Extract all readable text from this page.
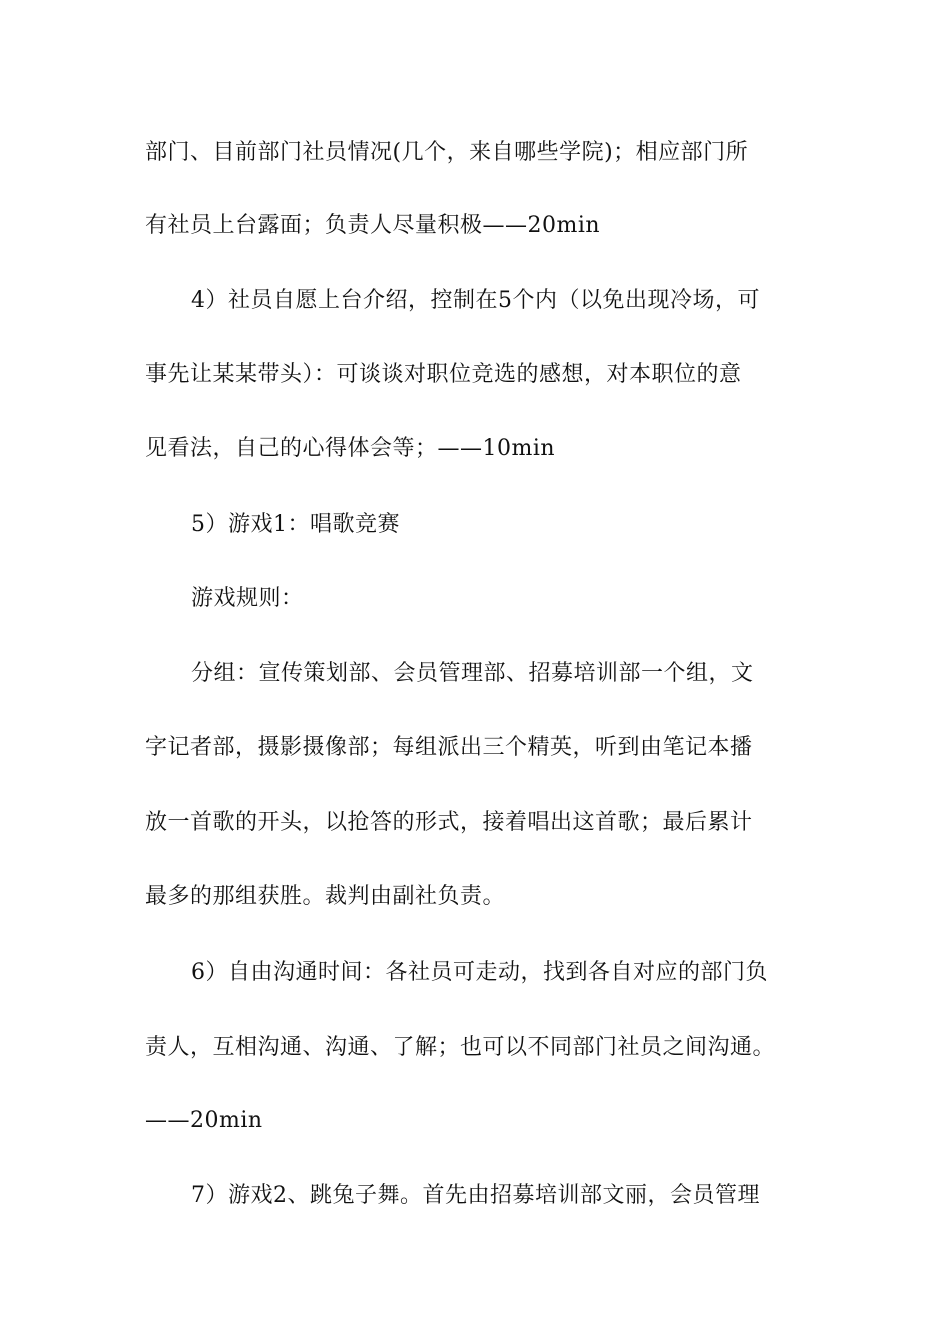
部门、目前部门社员情况(几个，来自哪些学院)；相应部门所
有社员上台露面；负责人尽量积极——20min
4）社员自愿上台介绍，控制在5个内（以免出现冷场，可
事先让某某带头）：可谈谈对职位竞选的感想，对本职位的意
见看法，自己的心得体会等；——10min
5）游戏1：唱歌竞赛
游戏规则：
分组：宣传策划部、会员管理部、招募培训部一个组，文
字记者部，摄影摄像部；每组派出三个精英，听到由笔记本播
放一首歌的开头，以抢答的形式，接着唱出这首歌；最后累计
最多的那组获胜。裁判由副社负责。
6）自由沟通时间：各社员可走动，找到各自对应的部门负
责人，互相沟通、沟通、了解；也可以不同部门社员之间沟通。
——20min
7）游戏2、跳兔子舞。首先由招募培训部文丽，会员管理
